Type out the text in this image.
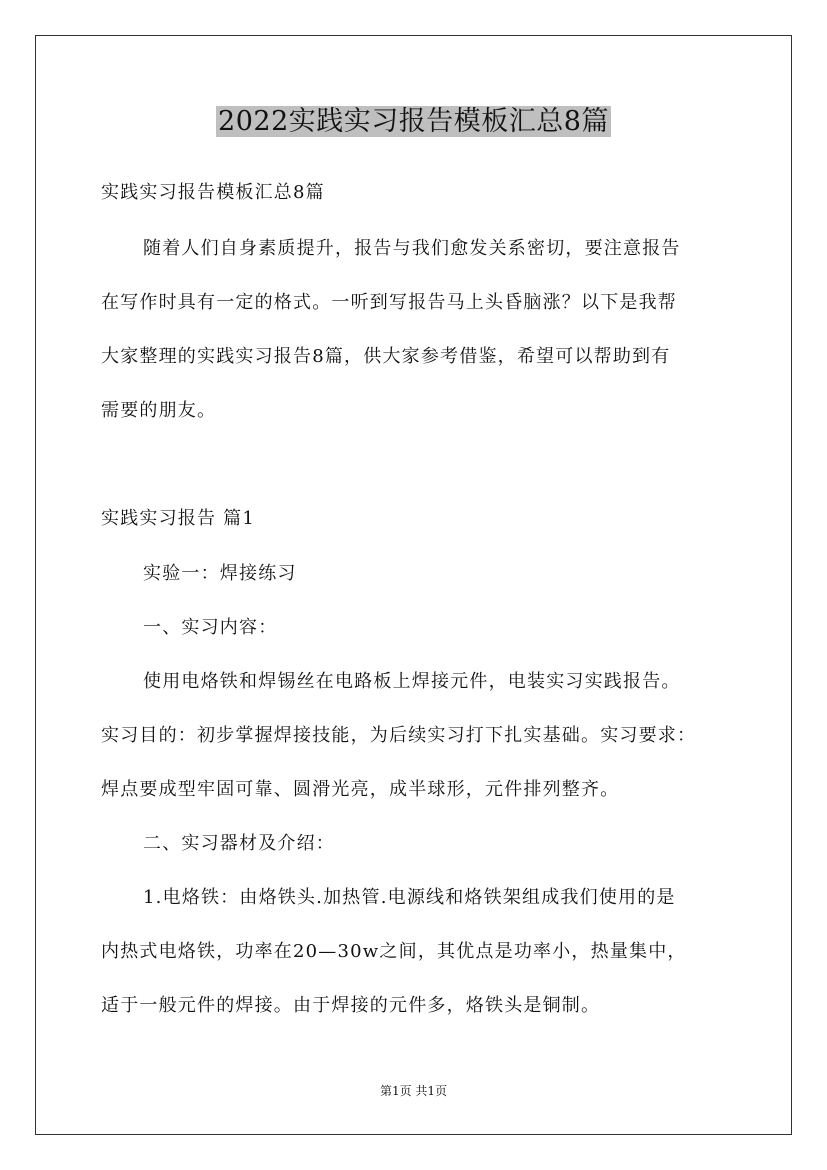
2022实践实习报告模板汇总8篇
实践实习报告模板汇总8篇
随着人们自身素质提升，报告与我们愈发关系密切，要注意报告
在写作时具有一定的格式。一听到写报告马上头昏脑涨？以下是我帮
大家整理的实践实习报告8篇，供大家参考借鉴，希望可以帮助到有
需要的朋友。
实践实习报告 篇1
实验一：焊接练习
一、实习内容：
使用电烙铁和焊锡丝在电路板上焊接元件，电装实习实践报告。
实习目的：初步掌握焊接技能，为后续实习打下扎实基础。实习要求：
焊点要成型牢固可靠、圆滑光亮，成半球形，元件排列整齐。
二、实习器材及介绍：
1.电烙铁：由烙铁头.加热管.电源线和烙铁架组成我们使用的是
内热式电烙铁，功率在20—30w之间，其优点是功率小，热量集中，
适于一般元件的焊接。由于焊接的元件多，烙铁头是铜制。
第1页 共1页
